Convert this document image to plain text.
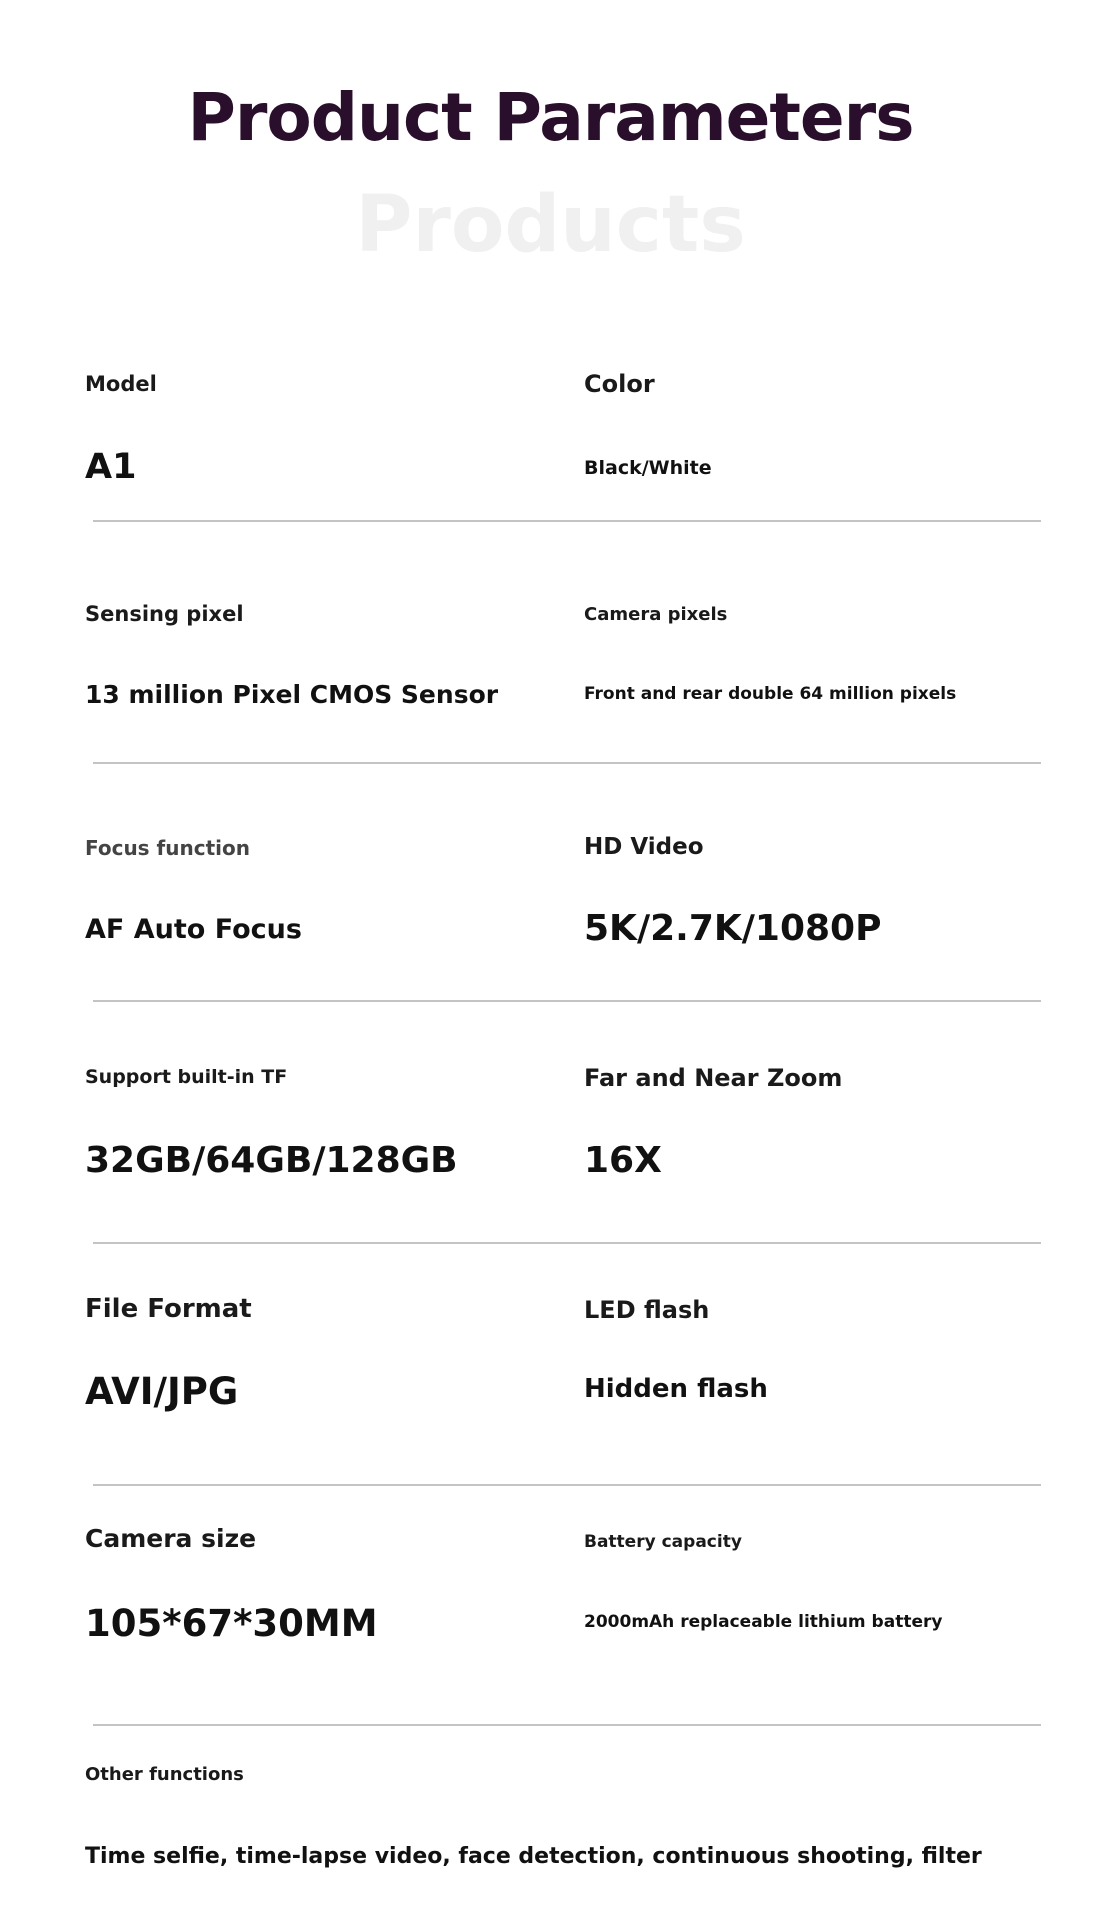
Product Parameters
Products
Model
A1
Color
Black/White
Sensing pixel
13 million Pixel CMOS Sensor
Camera pixels
Front and rear double 64 million pixels
Focus function
AF Auto Focus
HD Video
5K/2.7K/1080P
Support built-in TF
32GB/64GB/128GB
Far and Near Zoom
16X
File Format
AVI/JPG
LED flash
Hidden flash
Camera size
105*67*30MM
Battery capacity
2000mAh replaceable lithium battery
Other functions
Time selfie, time-lapse video, face detection, continuous shooting, filter
